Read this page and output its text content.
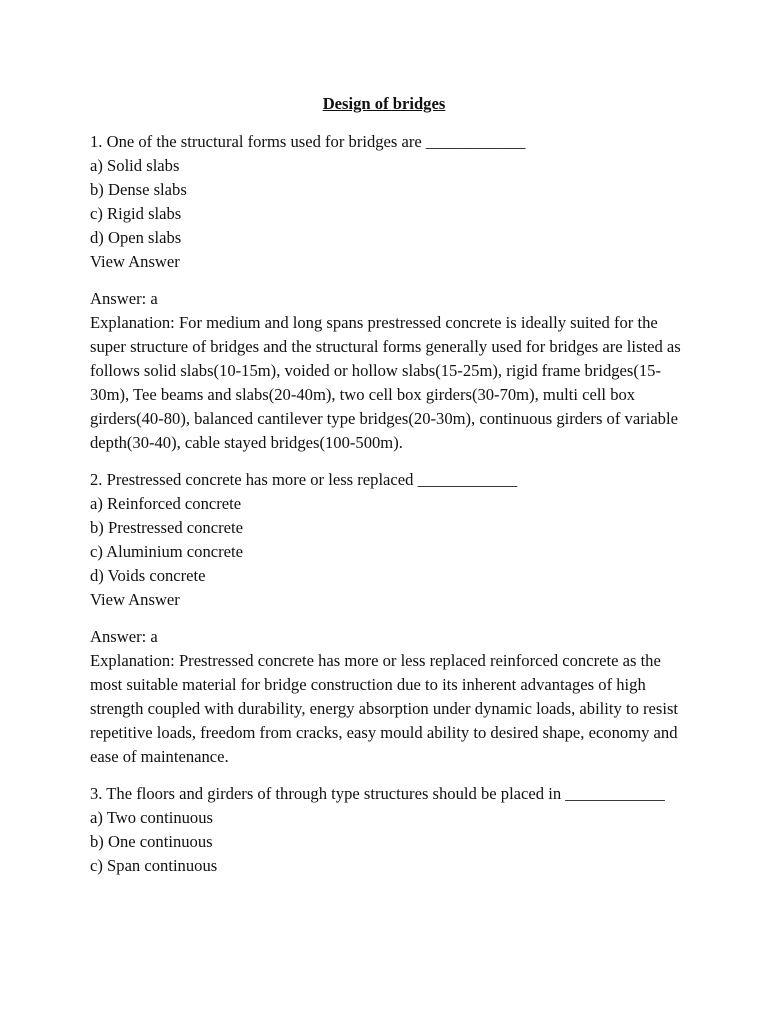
Design of bridges

1. One of the structural forms used for bridges are ____________

a) Solid slabs

b) Dense slabs

c) Rigid slabs

d) Open slabs

View Answer

Answer: a

Explanation: For medium and long spans prestressed concrete is ideally suited for the super structure of bridges and the structural forms generally used for bridges are listed as follows solid slabs(10-15m), voided or hollow slabs(15-25m), rigid frame bridges(15-30m), Tee beams and slabs(20-40m), two cell box girders(30-70m), multi cell box girders(40-80), balanced cantilever type bridges(20-30m), continuous girders of variable depth(30-40), cable stayed bridges(100-500m).

2. Prestressed concrete has more or less replaced ____________

a) Reinforced concrete

b) Prestressed concrete

c) Aluminium concrete

d) Voids concrete

View Answer

Answer: a

Explanation: Prestressed concrete has more or less replaced reinforced concrete as the most suitable material for bridge construction due to its inherent advantages of high strength coupled with durability, energy absorption under dynamic loads, ability to resist repetitive loads, freedom from cracks, easy mould ability to desired shape, economy and ease of maintenance.

3. The floors and girders of through type structures should be placed in ____________

a) Two continuous

b) One continuous

c) Span continuous
